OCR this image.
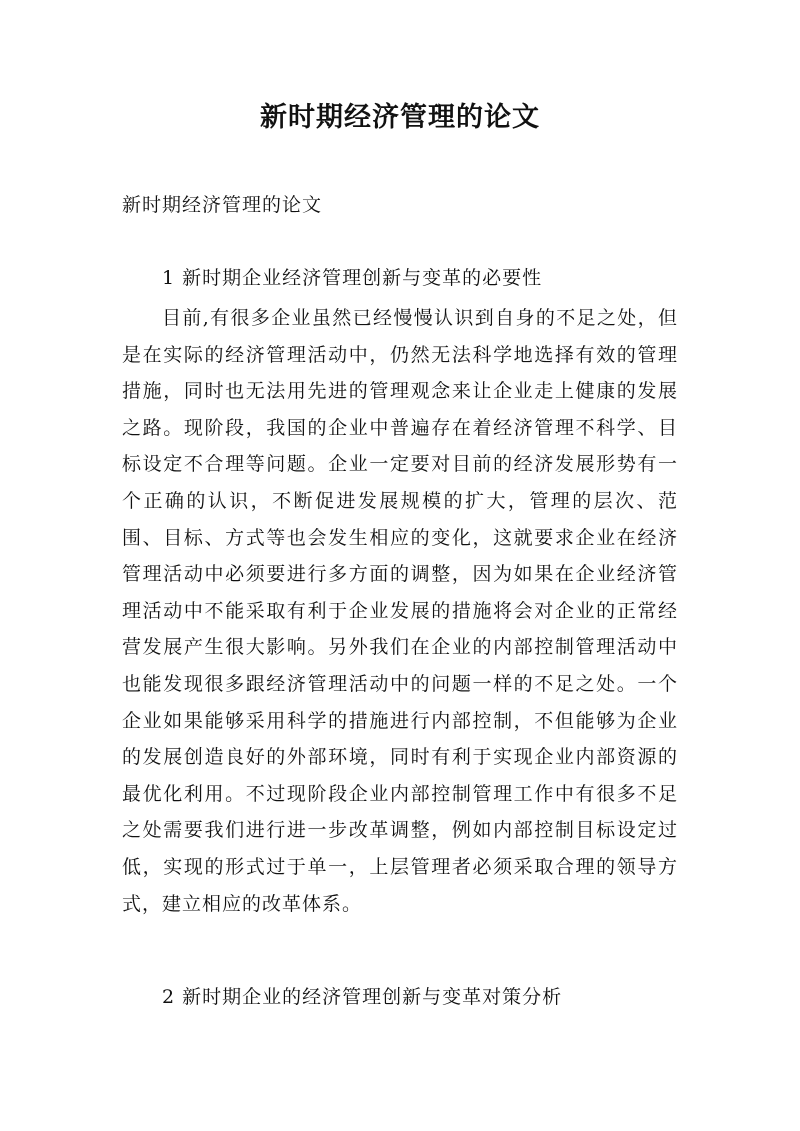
新时期经济管理的论文
新时期经济管理的论文
1 新时期企业经济管理创新与变革的必要性

目前,有很多企业虽然已经慢慢认识到自身的不足之处，但是在实际的经济管理活动中，仍然无法科学地选择有效的管理措施，同时也无法用先进的管理观念来让企业走上健康的发展之路。现阶段，我国的企业中普遍存在着经济管理不科学、目标设定不合理等问题。企业一定要对目前的经济发展形势有一个正确的认识，不断促进发展规模的扩大，管理的层次、范围、目标、方式等也会发生相应的变化，这就要求企业在经济管理活动中必须要进行多方面的调整，因为如果在企业经济管理活动中不能采取有利于企业发展的措施将会对企业的正常经营发展产生很大影响。另外我们在企业的内部控制管理活动中也能发现很多跟经济管理活动中的问题一样的不足之处。一个企业如果能够采用科学的措施进行内部控制，不但能够为企业的发展创造良好的外部环境，同时有利于实现企业内部资源的最优化利用。不过现阶段企业内部控制管理工作中有很多不足之处需要我们进行进一步改革调整，例如内部控制目标设定过低，实现的形式过于单一，上层管理者必须采取合理的领导方式，建立相应的改革体系。

2 新时期企业的经济管理创新与变革对策分析
